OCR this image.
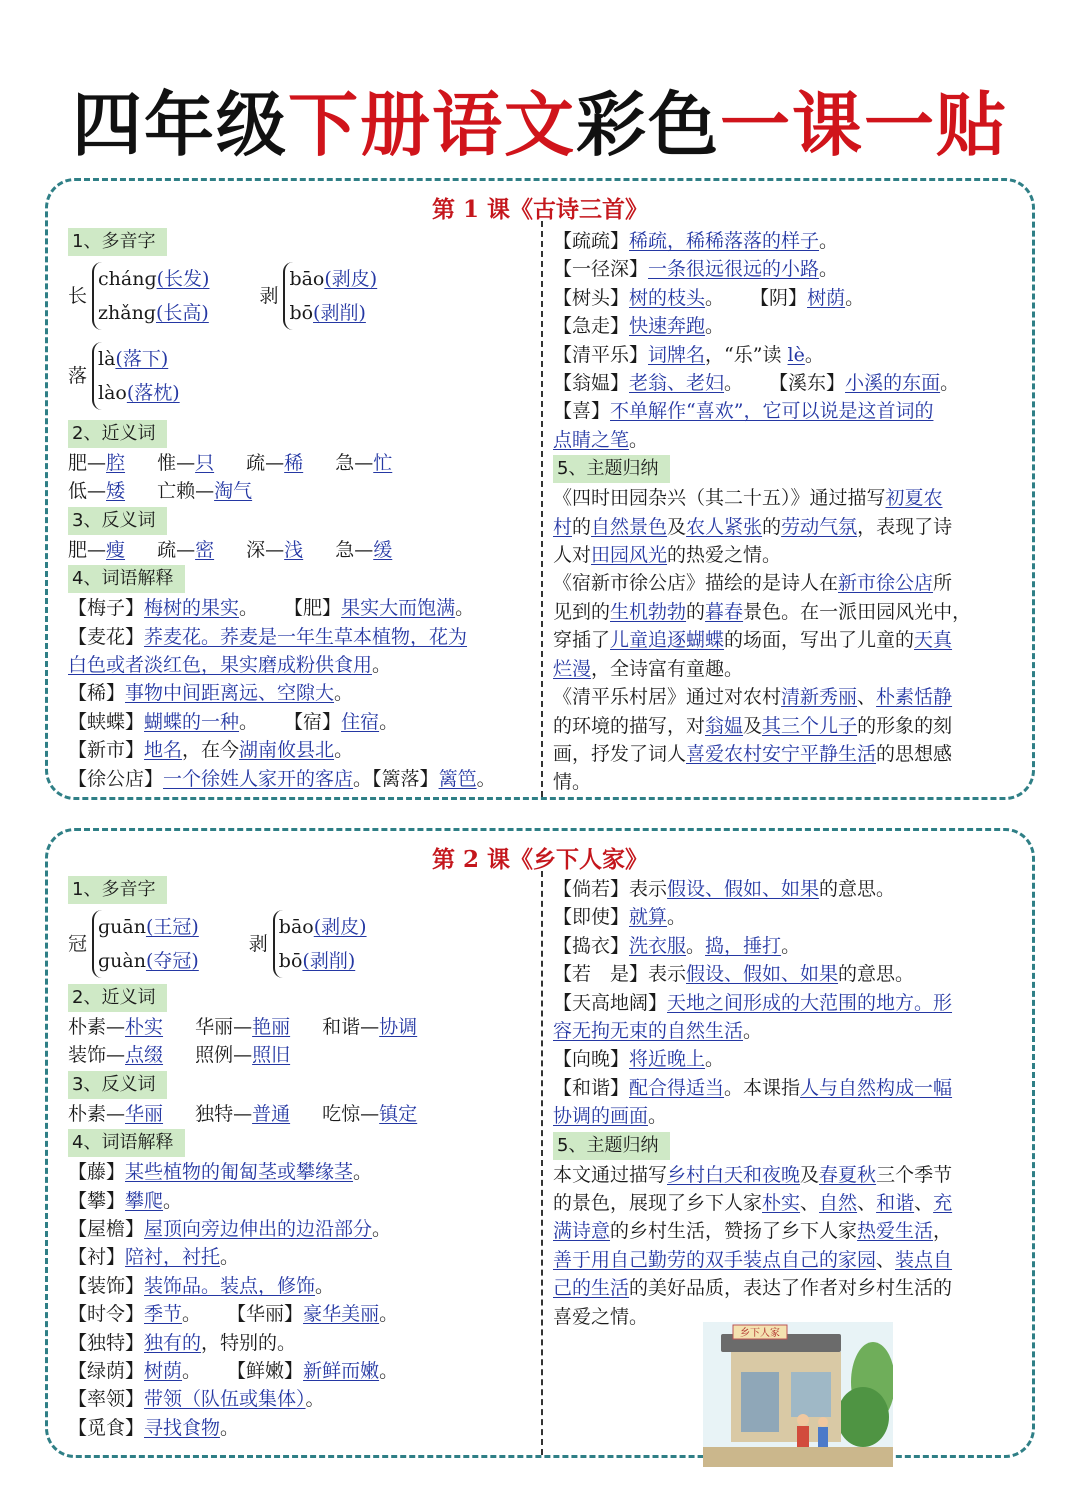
四年级下册语文彩色一课一贴
第 1 课《古诗三首》
1、多音字
长
chánɡ(长发)
zhǎnɡ(长高)
剥
bāo(剥皮)
bō(剥削)
落
là(落下)
lào(落枕)
2、近义词
肥—腔 惟—只 疏—稀 急—忙
低—矮 亡赖—淘气
3、反义词
肥—瘦 疏—密 深—浅 急—缓
4、词语解释
【梅子】梅树的果实。 【肥】果实大而饱满。
【麦花】荞麦花。荞麦是一年生草本植物，花为
白色或者淡红色，果实磨成粉供食用。
【稀】事物中间距离远、空隙大。
【蛱蝶】蝴蝶的一种。 【宿】住宿。
【新市】地名，在今湖南攸县北。
【徐公店】一个徐姓人家开的客店。【篱落】篱笆。
【疏疏】稀疏，稀稀落落的样子。
【一径深】一条很远很远的小路。
【树头】树的枝头。 【阴】树荫。
【急走】快速奔跑。
【清平乐】词牌名，“乐”读 lè。
【翁媪】老翁、老妇。 【溪东】小溪的东面。
【喜】不单解作“喜欢”，它可以说是这首词的
点睛之笔。
5、主题归纳
《四时田园杂兴（其二十五）》通过描写初夏农
村的自然景色及农人紧张的劳动气氛，表现了诗
人对田园风光的热爱之情。
《宿新市徐公店》描绘的是诗人在新市徐公店所
见到的生机勃勃的暮春景色。在一派田园风光中，
穿插了儿童追逐蝴蝶的场面，写出了儿童的天真
烂漫，全诗富有童趣。
《清平乐村居》通过对农村清新秀丽、朴素恬静
的环境的描写，对翁媪及其三个儿子的形象的刻
画，抒发了词人喜爱农村安宁平静生活的思想感
情。
第 2 课《乡下人家》
1、多音字
冠
ɡuān(王冠)
ɡuàn(夺冠)
剥
bāo(剥皮)
bō(剥削)
2、近义词
朴素—朴实 华丽—艳丽 和谐—协调
装饰—点缀 照例—照旧
3、反义词
朴素—华丽 独特—普通 吃惊—镇定
4、词语解释
【藤】某些植物的匍匐茎或攀缘茎。
【攀】攀爬。
【屋檐】屋顶向旁边伸出的边沿部分。
【衬】陪衬，衬托。
【装饰】装饰品。装点，修饰。
【时令】季节。 【华丽】豪华美丽。
【独特】独有的，特别的。
【绿荫】树荫。 【鲜嫩】新鲜而嫩。
【率领】带领（队伍或集体）。
【觅食】寻找食物。
【倘若】表示假设、假如、如果的意思。
【即使】就算。
【捣衣】洗衣服。捣，捶打。
【若　是】表示假设、假如、如果的意思。
【天高地阔】天地之间形成的大范围的地方。形
容无拘无束的自然生活。
【向晚】将近晚上。
【和谐】配合得适当。本课指人与自然构成一幅
协调的画面。
5、主题归纳
本文通过描写乡村白天和夜晚及春夏秋三个季节
的景色，展现了乡下人家朴实、自然、和谐、充
满诗意的乡村生活，赞扬了乡下人家热爱生活，
善于用自己勤劳的双手装点自己的家园、装点自
己的生活的美好品质，表达了作者对乡村生活的
喜爱之情。
乡下人家
